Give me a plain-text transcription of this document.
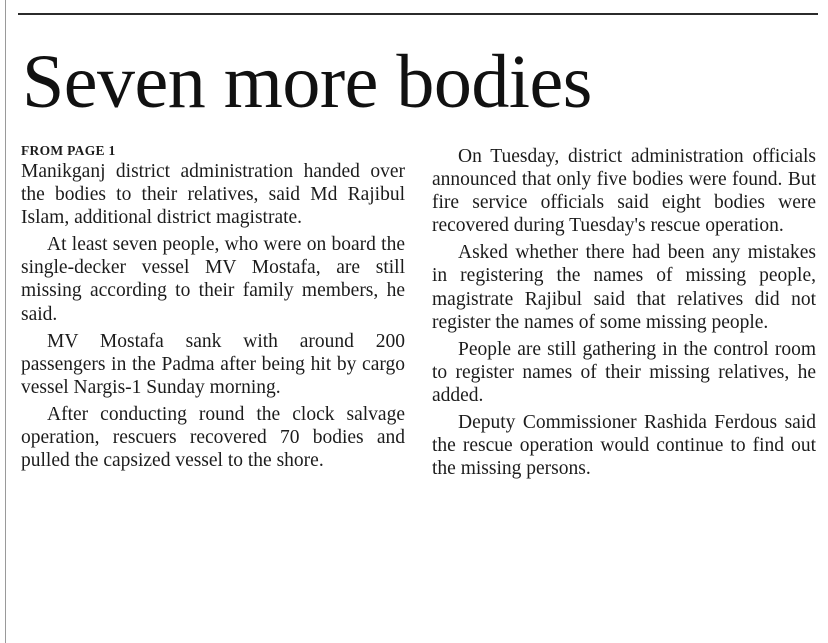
Seven more bodies
FROM PAGE 1

Manikganj district administration handed over the bodies to their relatives, said Md Rajibul Islam, additional district magistrate.

At least seven people, who were on board the single-decker vessel MV Mostafa, are still missing according to their family members, he said.

MV Mostafa sank with around 200 passengers in the Padma after being hit by cargo vessel Nargis-1 Sunday morning.

After conducting round the clock salvage operation, rescuers recovered 70 bodies and pulled the capsized vessel to the shore.

On Tuesday, district administration officials announced that only five bodies were found. But fire service officials said eight bodies were recovered during Tuesday's rescue operation.

Asked whether there had been any mistakes in registering the names of missing people, magistrate Rajibul said that relatives did not register the names of some missing people.

People are still gathering in the control room to register names of their missing relatives, he added.

Deputy Commissioner Rashida Ferdous said the rescue operation would continue to find out the missing persons.
